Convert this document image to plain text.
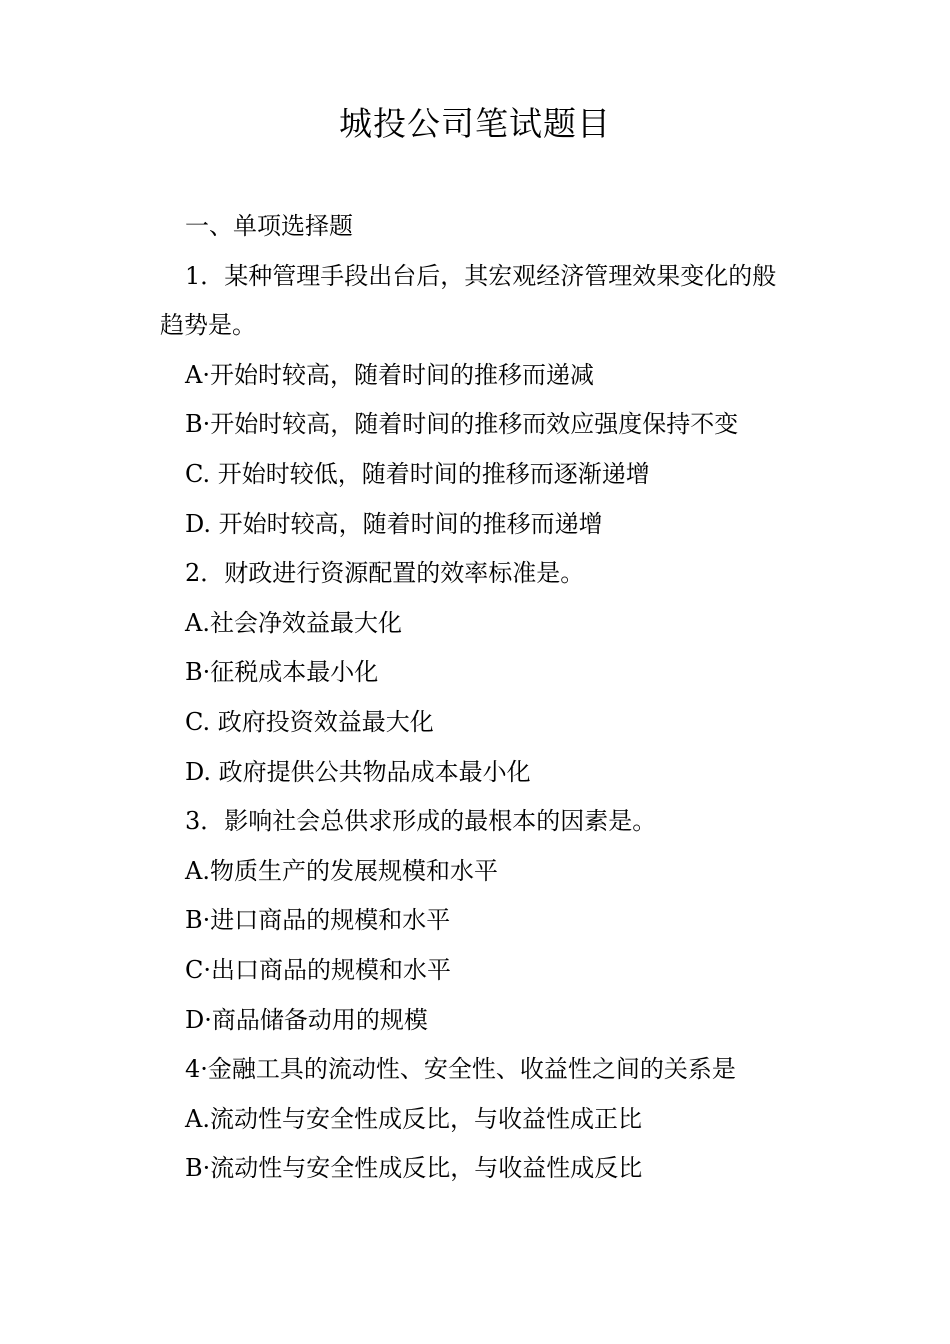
城投公司笔试题目
一、单项选择题
1．某种管理手段出台后，其宏观经济管理效果变化的般
趋势是。
A·开始时较高，随着时间的推移而递减
B·开始时较高，随着时间的推移而效应强度保持不变
C. 开始时较低，随着时间的推移而逐渐递增
D. 开始时较高，随着时间的推移而递增
2．财政进行资源配置的效率标准是。
A.社会净效益最大化
B·征税成本最小化
C. 政府投资效益最大化
D. 政府提供公共物品成本最小化
3．影响社会总供求形成的最根本的因素是。
A.物质生产的发展规模和水平
B·进口商品的规模和水平
C·出口商品的规模和水平
D·商品储备动用的规模
4·金融工具的流动性、安全性、收益性之间的关系是
A.流动性与安全性成反比，与收益性成正比
B·流动性与安全性成反比，与收益性成反比
